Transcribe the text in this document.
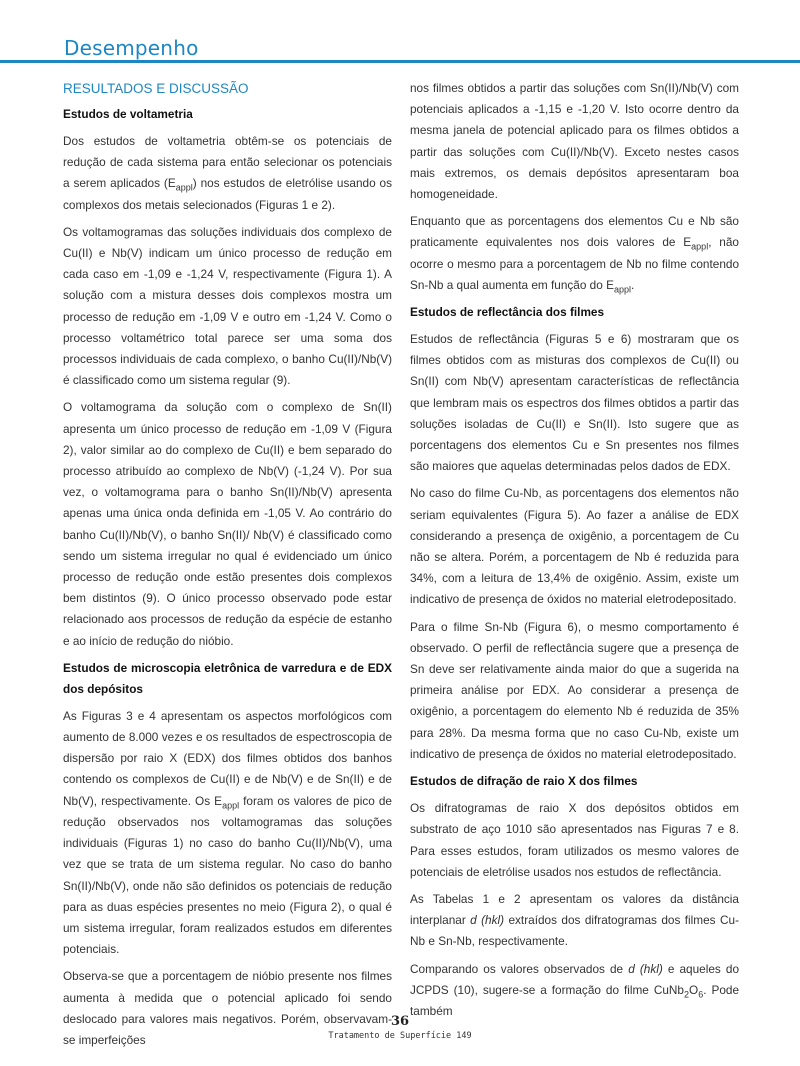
Desempenho
RESULTADOS E DISCUSSÃO
Estudos de voltametria

Dos estudos de voltametria obtêm-se os potenciais de redução de cada sistema para então selecionar os potenciais a serem aplicados $(E_{appl})$ nos estudos de eletrólise usando os complexos dos metais selecionados (Figuras 1 e 2).

Os voltamogramas das soluções individuais dos complexo de Cu(II) e Nb(V) indicam um único processo de redução em cada caso em -1,09 e -1,24 V, respectivamente (Figura 1). A solução com a mistura desses dois complexos mostra um processo de redução em -1,09 V e outro em -1,24 V. Como o processo voltamétrico total parece ser uma soma dos processos individuais de cada complexo, o banho Cu(II)/Nb(V) é classificado como um sistema regular (9).

O voltamograma da solução com o complexo de Sn(II) apresenta um único processo de redução em -1,09 V (Figura 2), valor similar ao do complexo de Cu(II) e bem separado do processo atribuído ao complexo de Nb(V) (-1,24 V). Por sua vez, o voltamograma para o banho Sn(II)/Nb(V) apresenta apenas uma única onda definida em -1,05 V. Ao contrário do banho Cu(II)/Nb(V), o banho Sn(II)/ Nb(V) é classificado como sendo um sistema irregular no qual é evidenciado um único processo de redução onde estão presentes dois complexos bem distintos (9). O único processo observado pode estar relacionado aos processos de redução da espécie de estanho e ao início de redução do nióbio.

Estudos de microscopia eletrônica de varredura e de EDX dos depósitos

As Figuras 3 e 4 apresentam os aspectos morfológicos com aumento de 8.000 vezes e os resultados de espectroscopia de dispersão por raio X (EDX) dos filmes obtidos dos banhos contendo os complexos de Cu(II) e de Nb(V) e de Sn(II) e de Nb(V), respectivamente. Os $E_{appl}$ foram os valores de pico de redução observados nos voltamogramas das soluções individuais (Figuras 1) no caso do banho Cu(II)/Nb(V), uma vez que se trata de um sistema regular. No caso do banho Sn(II)/Nb(V), onde não são definidos os potenciais de redução para as duas espécies presentes no meio (Figura 2), o qual é um sistema irregular, foram realizados estudos em diferentes potenciais.

Observa-se que a porcentagem de nióbio presente nos filmes aumenta à medida que o potencial aplicado foi sendo deslocado para valores mais negativos. Porém, observavam-se imperfeições

nos filmes obtidos a partir das soluções com Sn(II)/Nb(V) com potenciais aplicados a -1,15 e -1,20 V. Isto ocorre dentro da mesma janela de potencial aplicado para os filmes obtidos a partir das soluções com Cu(II)/Nb(V). Exceto nestes casos mais extremos, os demais depósitos apresentaram boa homogeneidade.

Enquanto que as porcentagens dos elementos Cu e Nb são praticamente equivalentes nos dois valores de $E_{appl}$, não ocorre o mesmo para a porcentagem de Nb no filme contendo Sn-Nb a qual aumenta em função do $E_{appl}$.

Estudos de reflectância dos filmes

Estudos de reflectância (Figuras 5 e 6) mostraram que os filmes obtidos com as misturas dos complexos de Cu(II) ou Sn(II) com Nb(V) apresentam características de reflectância que lembram mais os espectros dos filmes obtidos a partir das soluções isoladas de Cu(II) e Sn(II). Isto sugere que as porcentagens dos elementos Cu e Sn presentes nos filmes são maiores que aquelas determinadas pelos dados de EDX.

No caso do filme Cu-Nb, as porcentagens dos elementos não seriam equivalentes (Figura 5). Ao fazer a análise de EDX considerando a presença de oxigênio, a porcentagem de Cu não se altera. Porém, a porcentagem de Nb é reduzida para 34%, com a leitura de 13,4% de oxigênio. Assim, existe um indicativo de presença de óxidos no material eletrodepositado.

Para o filme Sn-Nb (Figura 6), o mesmo comportamento é observado. O perfil de reflectância sugere que a presença de Sn deve ser relativamente ainda maior do que a sugerida na primeira análise por EDX. Ao considerar a presença de oxigênio, a porcentagem do elemento Nb é reduzida de 35% para 28%. Da mesma forma que no caso Cu-Nb, existe um indicativo de presença de óxidos no material eletrodepositado.

Estudos de difração de raio X dos filmes

Os difratogramas de raio X dos depósitos obtidos em substrato de aço 1010 são apresentados nas Figuras 7 e 8. Para esses estudos, foram utilizados os mesmo valores de potenciais de eletrólise usados nos estudos de reflectância.

As Tabelas 1 e 2 apresentam os valores da distância interplanar d (hkl) extraídos dos difratogramas dos filmes Cu-Nb e Sn-Nb, respectivamente.

Comparando os valores observados de d (hkl) e aqueles do JCPDS (10), sugere-se a formação do filme $CuNb_2O_6$. Pode também

36
Tratamento de Superfície 149
